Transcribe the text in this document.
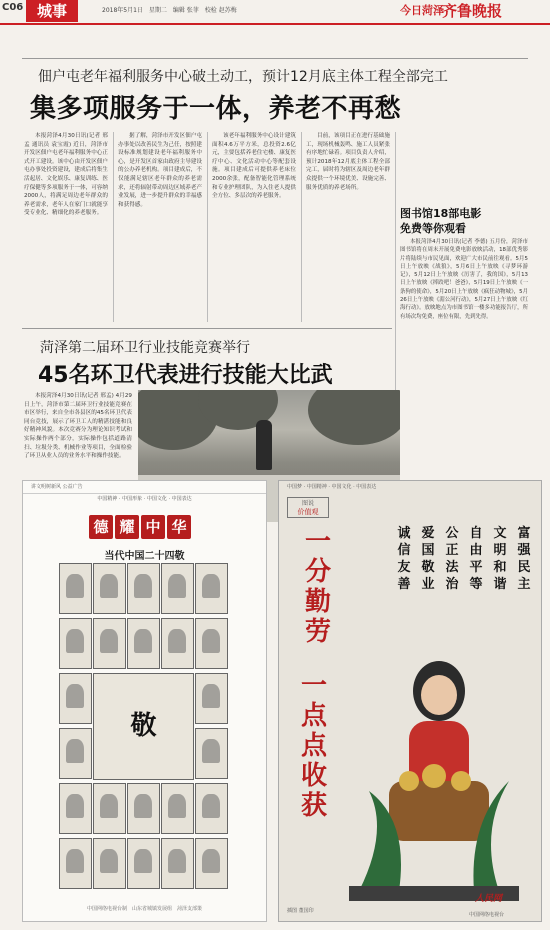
C06 城事	2018年5月1日　星期二　编辑 张菲　校检 赵苏梅	今日菏泽
齐鲁晚报
佃户屯老年福利服务中心破土动工，预计12月底主体工程全部完工
集多项服务于一体，养老不再愁
本报菏泽4月30日讯(记者 邢孟 通讯员 袁宝霞) 近日，菏泽市开发区佃户屯老年福利服务中心正式开工建设。该中心由开发区佃户屯办事处投资建设，建成后将集生活起居、文化娱乐、康复训练、医疗保健等多项服务于一体，可容纳2000人，将满足周边老年群众的养老需求，老年人在家门口就能享受专业化、精细化的养老服务。
据了解，菏泽市开发区佃户屯办事处以改善民生为己任，按照建设标准规划建设老年福利服务中心，是开发区首家由政府主导建设的公办养老机构。项目建成后，不仅能满足辖区老年群众的养老需求，还将辐射带动周边区域养老产业发展，进一步提升群众的幸福感和获得感。
该老年福利服务中心设计建筑面积4.6万平方米，总投资2.6亿元，主要包括养老住宅楼、康复医疗中心、文化活动中心等配套设施。项目建成后可提供养老床位2000余张，配备智能化管理系统和专业护理团队，为入住老人提供全方位、多层次的养老服务。
目前，该项目正在进行基础施工，现场机械轰鸣、施工人员紧张有序地忙碌着。项目负责人介绍，预计2018年12月底主体工程全部完工，届时将为辖区及周边老年群众提供一个环境优美、设施完善、服务优质的养老场所。
图书馆18部电影
免费等你观看
本报菏泽4月30日讯(记者 李德) 五月份，菏泽市图书馆将在周末开展免费电影放映活动，18部优秀影片将陆续与市民见面，欢迎广大市民前往观看。5月5日上午放映《战狼》，5月6日上午放映《寻梦环游记》，5月12日上午放映《厉害了，我的国》，5月13日上午放映《摔跤吧！爸爸》，5月19日上午放映《一条狗的使命》，5月20日上午放映《疯狂动物城》，5月26日上午放映《湄公河行动》，5月27日上午放映《红海行动》。放映地点为市图书馆一楼多功能报告厅，所有场次均免费，座位有限，先到先得。
菏泽第二届环卫行业技能竞赛举行
45名环卫代表进行技能大比武
本报菏泽4月30日讯(记者 邢孟) 4月29日上午，菏泽市第二届环卫行业技能竞赛在市区举行，来自全市各县区的45名环卫代表同台竞技，展示了环卫工人的精湛技能和良好精神风貌。本次竞赛分为理论知识考试和实际操作两个部分，实际操作包括道路清扫、垃圾分类、机械作业等项目，全面检验了环卫从业人员的业务水平和操作技能。
讲文明树新风 公益广告
中国精神 · 中国形象 · 中国文化 · 中国表达
德 耀 中 华
当代中国二十四敬
敬
中国网络电视台制　山东省城镇发展组　菏泽支部策
中国梦 · 中国精神 · 中国文化 · 中国表达
图说
价值观
一分勤劳
一点点收获
富强民主
文明和谐
自由平等
公正法治
爱国敬业
诚信友善
插图 董国印
人民网
中国网络电视台
